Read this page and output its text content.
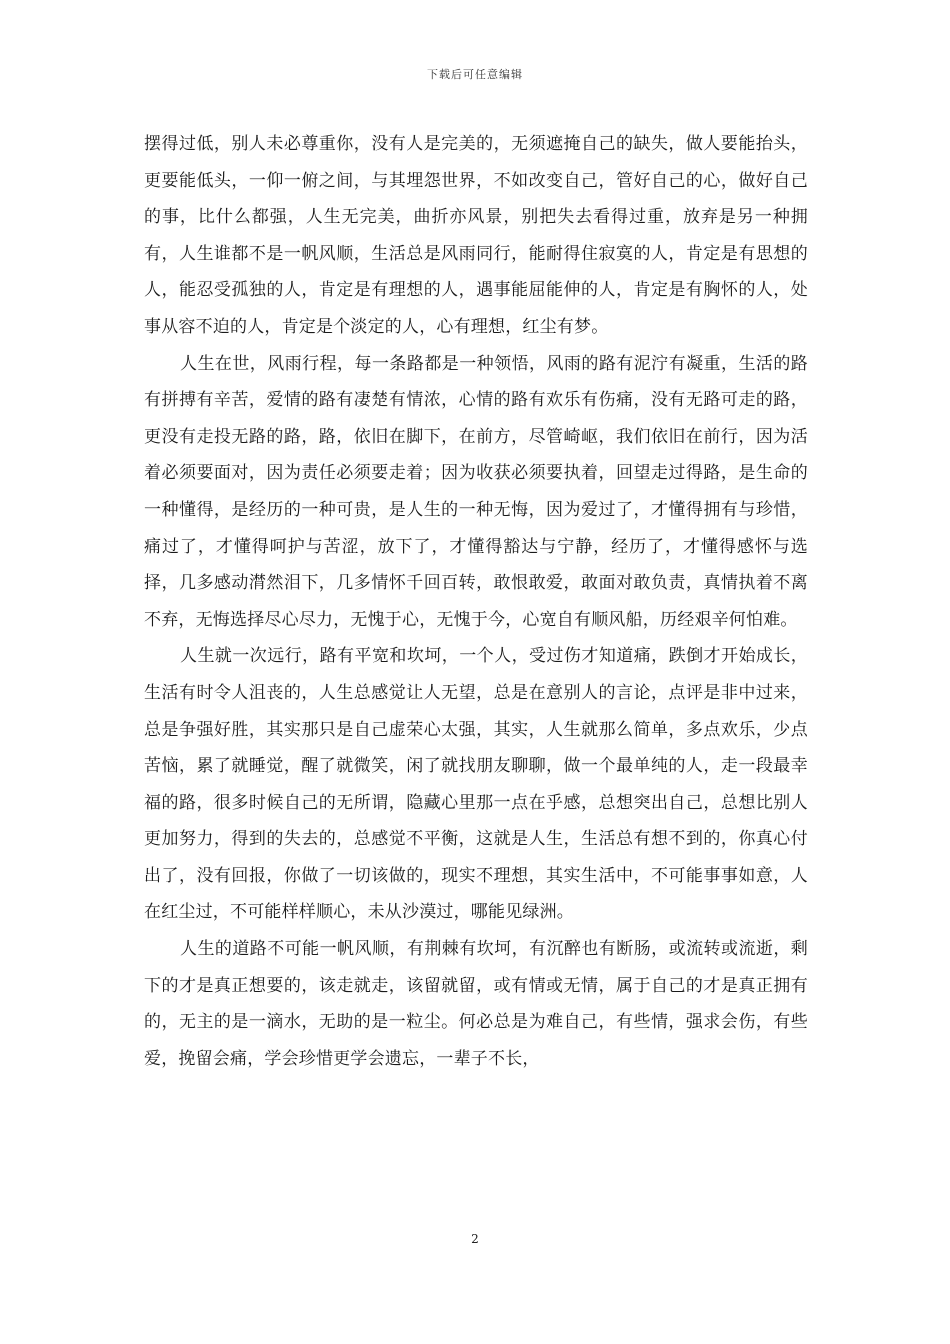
下载后可任意编辑

摆得过低，别人未必尊重你，没有人是完美的，无须遮掩自己的缺失，做人要能抬头，更要能低头，一仰一俯之间，与其埋怨世界，不如改变自己，管好自己的心，做好自己的事，比什么都强，人生无完美，曲折亦风景，别把失去看得过重，放弃是另一种拥有，人生谁都不是一帆风顺，生活总是风雨同行，能耐得住寂寞的人，肯定是有思想的人，能忍受孤独的人，肯定是有理想的人，遇事能屈能伸的人，肯定是有胸怀的人，处事从容不迫的人，肯定是个淡定的人，心有理想，红尘有梦。

人生在世，风雨行程，每一条路都是一种领悟，风雨的路有泥泞有凝重，生活的路有拼搏有辛苦，爱情的路有凄楚有情浓，心情的路有欢乐有伤痛，没有无路可走的路，更没有走投无路的路，路，依旧在脚下，在前方，尽管崎岖，我们依旧在前行，因为活着必须要面对，因为责任必须要走着；因为收获必须要执着，回望走过得路，是生命的一种懂得，是经历的一种可贵，是人生的一种无悔，因为爱过了，才懂得拥有与珍惜，痛过了，才懂得呵护与苦涩，放下了，才懂得豁达与宁静，经历了，才懂得感怀与选择，几多感动潸然泪下，几多情怀千回百转，敢恨敢爱，敢面对敢负责，真情执着不离不弃，无悔选择尽心尽力，无愧于心，无愧于今，心宽自有顺风船，历经艰辛何怕难。

人生就一次远行，路有平宽和坎坷，一个人，受过伤才知道痛，跌倒才开始成长，生活有时令人沮丧的，人生总感觉让人无望，总是在意别人的言论，点评是非中过来，总是争强好胜，其实那只是自己虚荣心太强，其实，人生就那么简单，多点欢乐，少点苦恼，累了就睡觉，醒了就微笑，闲了就找朋友聊聊，做一个最单纯的人，走一段最幸福的路，很多时候自己的无所谓，隐藏心里那一点在乎感，总想突出自己，总想比别人更加努力，得到的失去的，总感觉不平衡，这就是人生，生活总有想不到的，你真心付出了，没有回报，你做了一切该做的，现实不理想，其实生活中，不可能事事如意，人在红尘过，不可能样样顺心，未从沙漠过，哪能见绿洲。

人生的道路不可能一帆风顺，有荆棘有坎坷，有沉醉也有断肠，或流转或流逝，剩下的才是真正想要的，该走就走，该留就留，或有情或无情，属于自己的才是真正拥有的，无主的是一滴水，无助的是一粒尘。何必总是为难自己，有些情，强求会伤，有些爱，挽留会痛，学会珍惜更学会遗忘，一辈子不长，

2
